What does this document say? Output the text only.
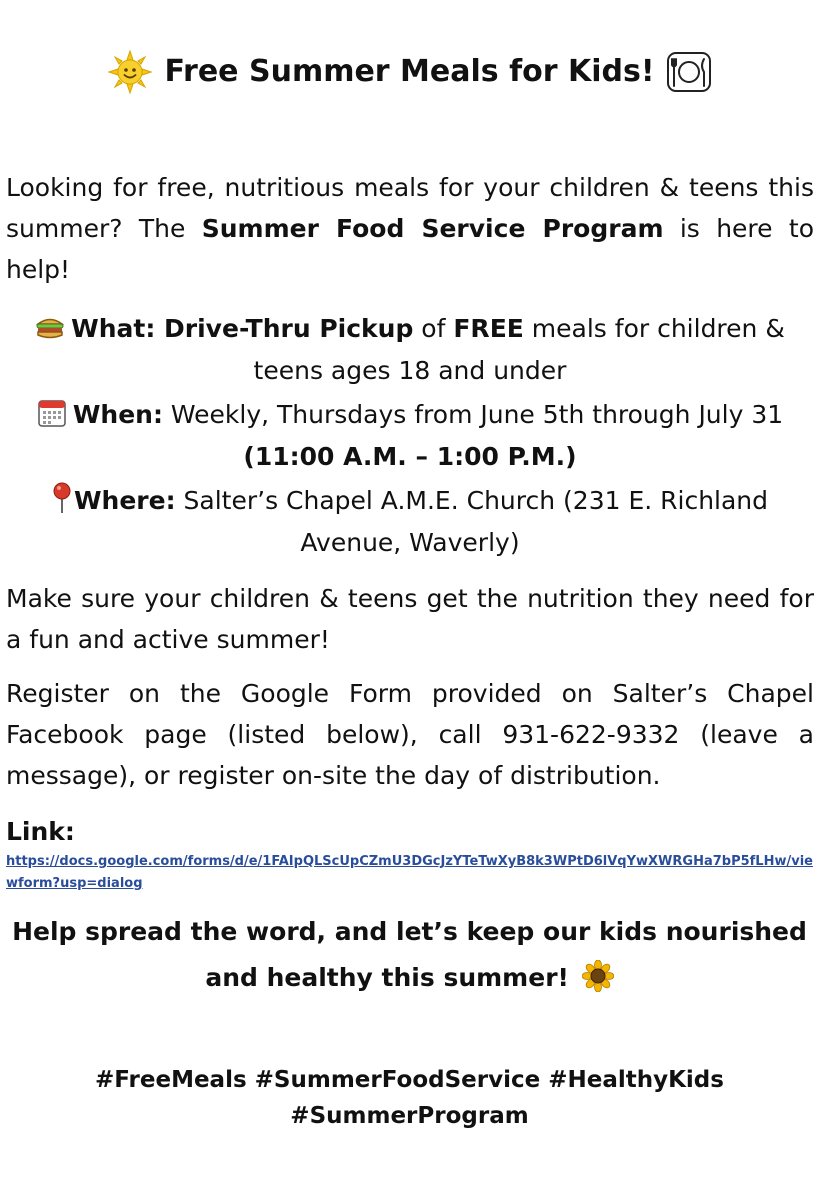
Free Summer Meals for Kids!
Looking for free, nutritious meals for your children & teens this summer? The Summer Food Service Program is here to help!
What: Drive-Thru Pickup of FREE meals for children & teens ages 18 and under
When: Weekly, Thursdays from June 5th through July 31
(11:00 A.M. – 1:00 P.M.)
Where: Salter’s Chapel A.M.E. Church (231 E. Richland Avenue, Waverly)
Make sure your children & teens get the nutrition they need for a fun and active summer!
Register on the Google Form provided on Salter’s Chapel Facebook page (listed below), call 931-622-9332 (leave a message), or register on-site the day of distribution.
Link:
https://docs.google.com/forms/d/e/1FAIpQLScUpCZmU3DGcJzYTeTwXyB8k3WPtD6lVqYwXWRGHa7bP5fLHw/viewform?usp=dialog
Help spread the word, and let’s keep our kids nourished and healthy this summer!
#FreeMeals #SummerFoodService #HealthyKids
#SummerProgram
